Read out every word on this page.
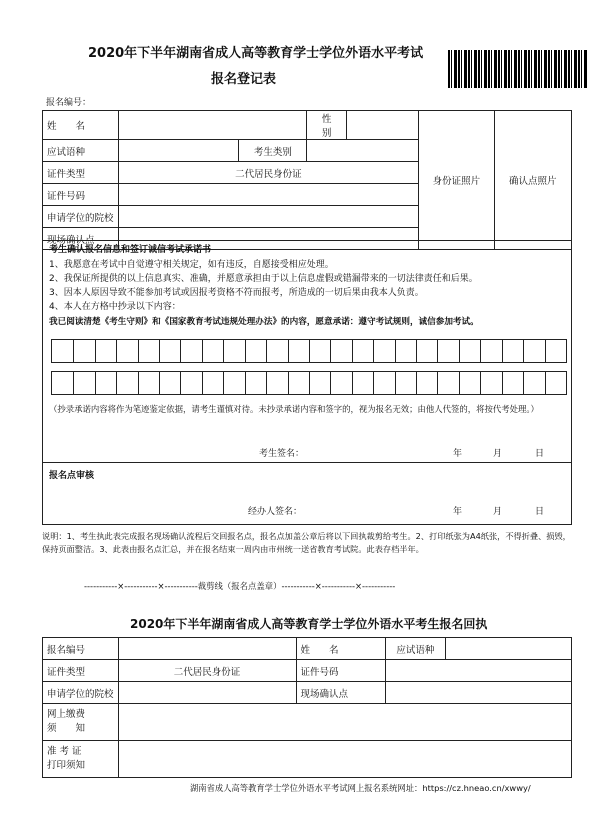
2020年下半年湖南省成人高等教育学士学位外语水平考试
报名登记表
报名编号：
姓　　名			性　　别		身份证照片	确认点照片
应试语种		考生类别				
证件类型	二代居民身份证					
证件号码						
申请学位的院校						
现场确认点						
考生确认报名信息和签订诚信考试承诺书
1、我愿意在考试中自觉遵守相关规定，如有违反，自愿接受相应处理。
2、我保证所提供的以上信息真实、准确，并愿意承担由于以上信息虚假或错漏带来的一切法律责任和后果。
3、因本人原因导致不能参加考试或因报考资格不符而报考，所造成的一切后果由我本人负责。
4、本人在方格中抄录以下内容：
我已阅读清楚《考生守则》和《国家教育考试违规处理办法》的内容，愿意承诺：遵守考试规则，诚信参加考试。
（抄录承诺内容将作为笔迹鉴定依据，请考生谨慎对待。未抄录承诺内容和签字的，视为报名无效；由他人代签的，将按代考处理。）
考生签名：	年	月	日
报名点审核
经办人签名：	年	月	日
说明：1、考生执此表完成报名现场确认流程后交回报名点，报名点加盖公章后将以下回执裁剪给考生。2、打印纸张为A4纸张，不得折叠、损毁，保持页面整洁。3、此表由报名点汇总，并在报名结束一周内由市州统一送省教育考试院。此表存档半年。
-----------×-----------×-----------裁剪线（报名点盖章）-----------×-----------×-----------
2020年下半年湖南省成人高等教育学士学位外语水平考生报名回执
报名编号		姓　　名	应试语种	
证件类型	二代居民身份证	证件号码		
申请学位的院校		现场确认点		
网上缴费
须　　知				
准 考 证
打印须知				
湖南省成人高等教育学士学位外语水平考试网上报名系统网址：https://cz.hneao.cn/xwwy/
